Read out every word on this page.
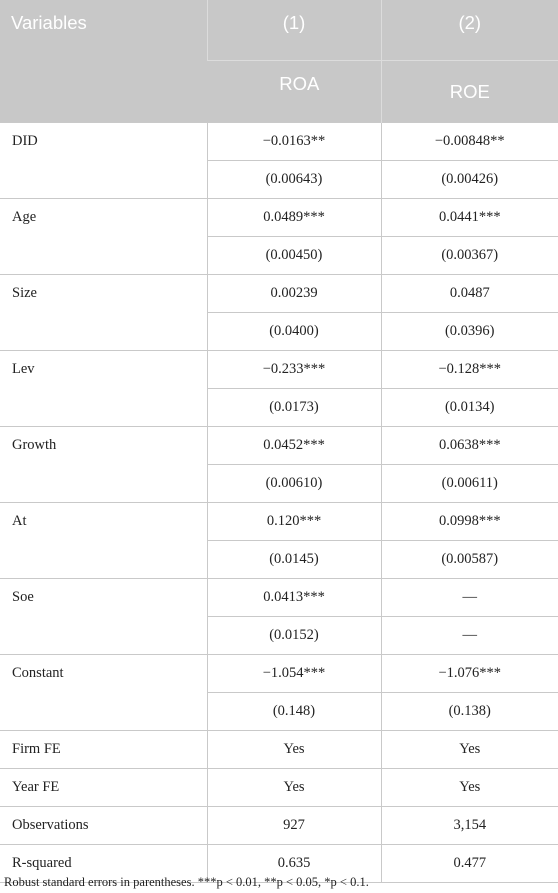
Variables	(1)	(2)
	ROA	ROE
DID	−0.0163**	−0.00848**
	(0.00643)	(0.00426)
Age	0.0489***	0.0441***
	(0.00450)	(0.00367)
Size	0.00239	0.0487
	(0.0400)	(0.0396)
Lev	−0.233***	−0.128***
	(0.0173)	(0.0134)
Growth	0.0452***	0.0638***
	(0.00610)	(0.00611)
At	0.120***	0.0998***
	(0.0145)	(0.00587)
Soe	0.0413***	—
	(0.0152)	—
Constant	−1.054***	−1.076***
	(0.148)	(0.138)
Firm FE	Yes	Yes
Year FE	Yes	Yes
Observations	927	3,154
R-squared	0.635	0.477
Robust standard errors in parentheses. ***p < 0.01, **p < 0.05, *p < 0.1.
